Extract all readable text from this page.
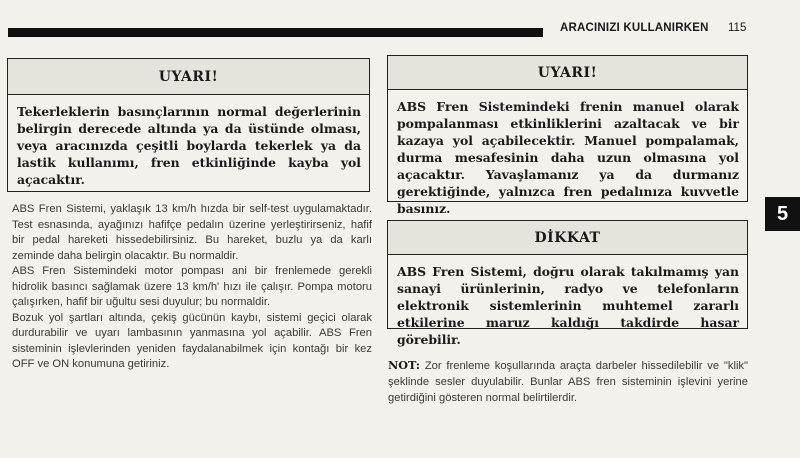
ARACINIZI KULLANIRKEN 115
5
UYARI!
Tekerleklerin basınçlarının normal değerlerinin belirgin derecede altında ya da üstünde olması, veya aracınızda çeşitli boylarda tekerlek ya da lastik kullanımı, fren etkinliğinde kayba yol açacaktır.
ABS Fren Sistemi, yaklaşık 13 km/h hızda bir self-test uygulamaktadır. Test esnasında, ayağınızı hafifçe pedalın üzerine yerleştirirseniz, hafif bir pedal hareketi hissedebilirsiniz. Bu hareket, buzlu ya da karlı zeminde daha belirgin olacaktır. Bu normaldir.
ABS Fren Sistemindeki motor pompası ani bir frenlemede gerekli hidrolik basıncı sağlamak üzere 13 km/h' hızı ile çalışır. Pompa motoru çalışırken, hafif bir uğultu sesi duyulur; bu normaldir.
Bozuk yol şartları altında, çekiş gücünün kaybı, sistemi geçici olarak durdurabilir ve uyarı lambasının yanmasına yol açabilir. ABS Fren sisteminin işlevlerinden yeniden faydalanabilmek için kontağı bir kez OFF ve ON konumuna getiriniz.
UYARI!
ABS Fren Sistemindeki frenin manuel olarak pompalanması etkinliklerini azaltacak ve bir kazaya yol açabilecektir. Manuel pompalamak, durma mesafesinin daha uzun olmasına yol açacaktır. Yavaşlamanız ya da durmanız gerektiğinde, yalnızca fren pedalınıza kuvvetle basınız.
DİKKAT
ABS Fren Sistemi, doğru olarak takılmamış yan sanayi ürünlerinin, radyo ve telefonların elektronik sistemlerinin muhtemel zararlı etkilerine maruz kaldığı takdirde hasar görebilir.
NOT: Zor frenleme koşullarında araçta darbeler hissedilebilir ve "klik" şeklinde sesler duyulabilir. Bunlar ABS fren sisteminin işlevini yerine getirdiğini gösteren normal belirtilerdir.
